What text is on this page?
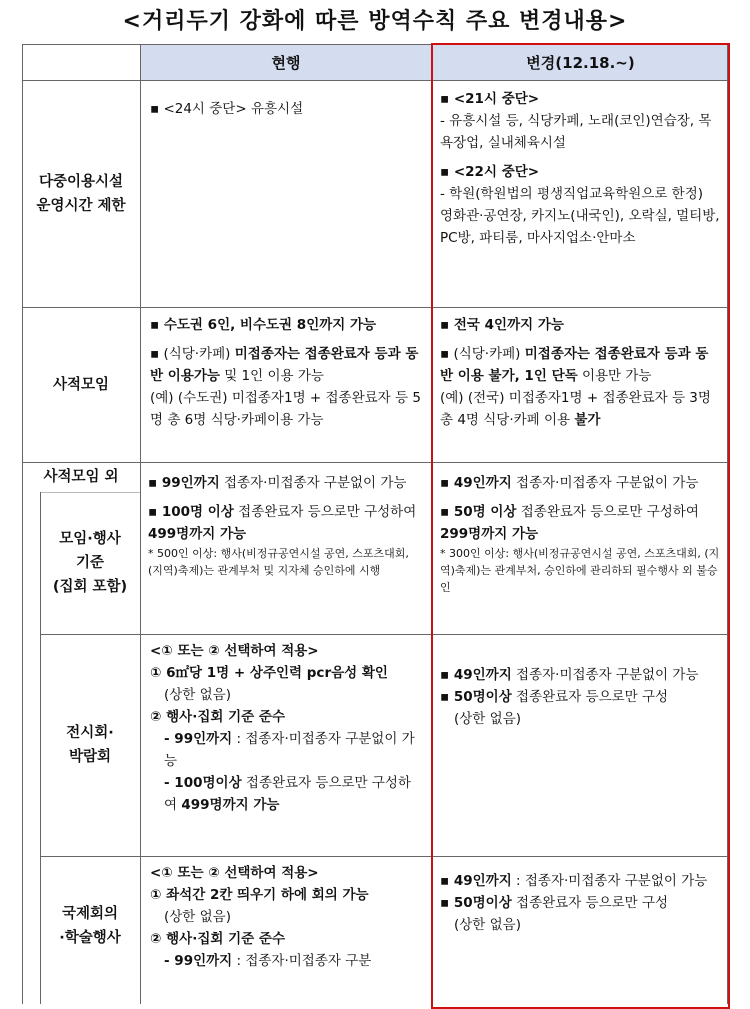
<거리두기 강화에 따른 방역수칙 주요 변경내용>
현행	변경(12.18.~)
다중이용시설
운영시간 제한

▪ <24시 중단> 유흥시설

▪ <21시 중단>

- 유흥시설 등, 식당카페, 노래(코인)연습장, 목욕장업, 실내체육시설

▪ <22시 중단>

- 학원(학원법의 평생직업교육학원으로 한정) 영화관·공연장, 카지노(내국인), 오락실, 멀티방, PC방, 파티룸, 마사지업소·안마소

사적모임

▪ 수도권 6인, 비수도권 8인까지 가능

▪ (식당·카페) 미접종자는 접종완료자 등과 동반 이용가능 및 1인 이용 가능

(예) (수도권) 미접종자1명 + 접종완료자 등 5명 총 6명 식당·카페이용 가능

▪ 전국 4인까지 가능

▪ (식당·카페) 미접종자는 접종완료자 등과 동반 이용 불가, 1인 단독 이용만 가능

(예) (전국) 미접종자1명 + 접종완료자 등 3명 총 4명 식당·카페 이용 불가

사적모임 외
모임·행사
기준
(집회 포함)

▪ 99인까지 접종자·미접종자 구분없이 가능

▪ 100명 이상 접종완료자 등으로만 구성하여 499명까지 가능

* 500인 이상: 행사(비정규공연시설 공연, 스포츠대회, (지역)축제)는 관계부처 및 지자체 승인하에 시행

▪ 49인까지 접종자·미접종자 구분없이 가능

▪ 50명 이상 접종완료자 등으로만 구성하여 299명까지 가능

* 300인 이상: 행사(비정규공연시설 공연, 스포츠대회, (지역)축제)는 관계부처, 승인하에 관리하되 필수행사 외 불승인

전시회·
박람회

<① 또는 ② 선택하여 적용>

① 6㎡당 1명 + 상주인력 pcr음성 확인

(상한 없음)

② 행사·집회 기준 준수

- 99인까지 : 접종자·미접종자 구분없이 가능

- 100명이상 접종완료자 등으로만 구성하여 499명까지 가능

▪ 49인까지 접종자·미접종자 구분없이 가능

▪ 50명이상 접종완료자 등으로만 구성

(상한 없음)

국제회의
·학술행사

<① 또는 ② 선택하여 적용>

① 좌석간 2칸 띄우기 하에 회의 가능

(상한 없음)

② 행사·집회 기준 준수

- 99인까지 : 접종자·미접종자 구분

▪ 49인까지 : 접종자·미접종자 구분없이 가능

▪ 50명이상 접종완료자 등으로만 구성

(상한 없음)
